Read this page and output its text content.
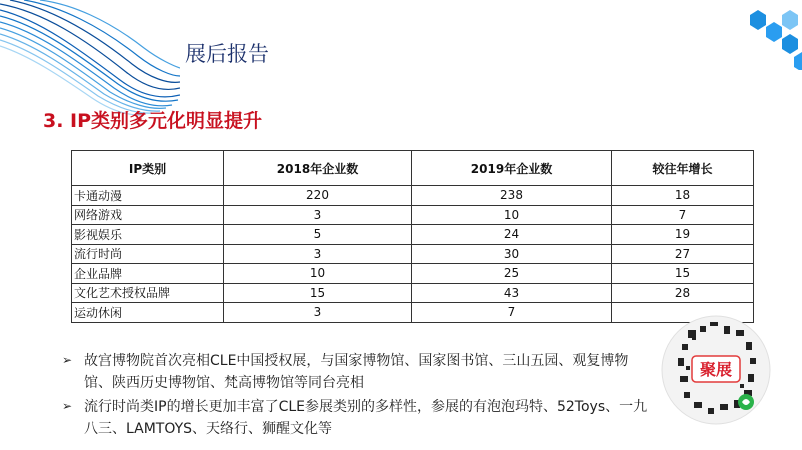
展后报告
3. IP类别多元化明显提升
IP类别	2018年企业数	2019年企业数	较往年增长
卡通动漫	220	238	18
网络游戏	3	10	7
影视娱乐	5	24	19
流行时尚	3	30	27
企业品牌	10	25	15
文化艺术授权品牌	15	43	28
运动休闲	3	7	
➢ 故宫博物院首次亮相CLE中国授权展，与国家博物馆、国家图书馆、三山五园、观复博物馆、陕西历史博物馆、梵高博物馆等同台亮相
➢ 流行时尚类IP的增长更加丰富了CLE参展类别的多样性，参展的有泡泡玛特、52Toys、一九八三、LAMTOYS、天络行、狮醒文化等
聚展
